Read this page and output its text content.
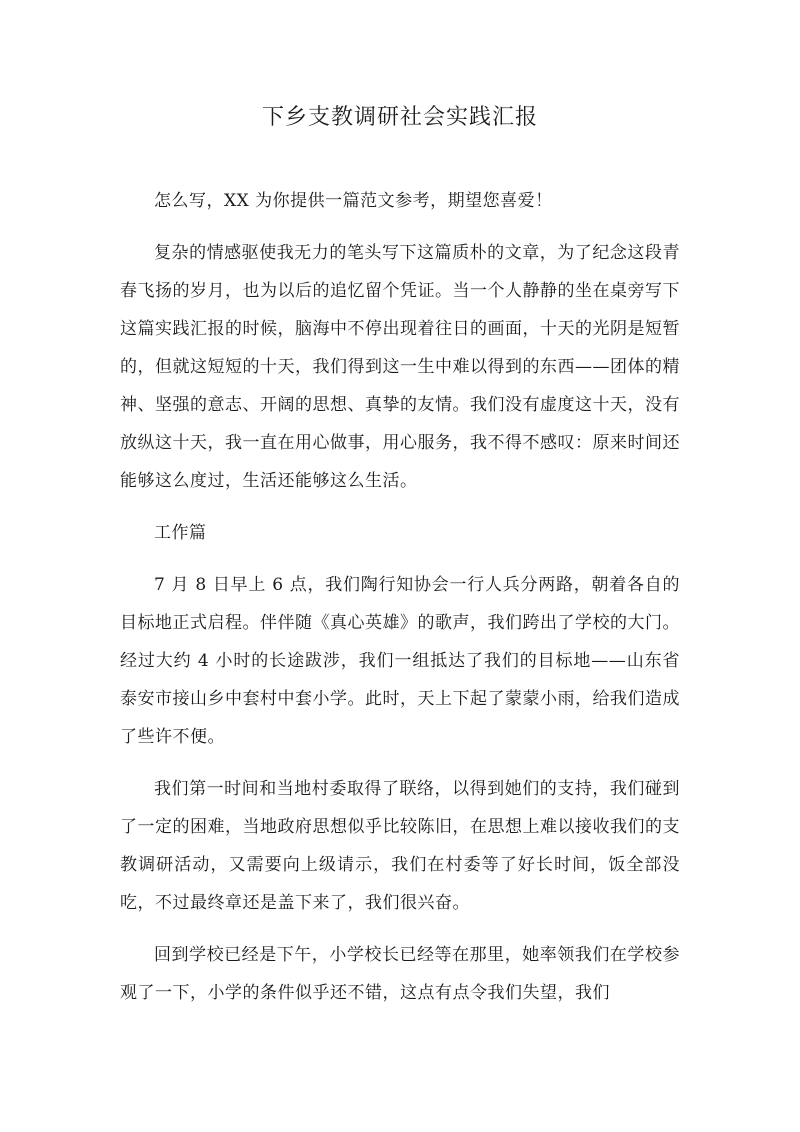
下乡支教调研社会实践汇报

怎么写，XX 为你提供一篇范文参考，期望您喜爱！

复杂的情感驱使我无力的笔头写下这篇质朴的文章，为了纪念这段青春飞扬的岁月，也为以后的追忆留个凭证。当一个人静静的坐在桌旁写下这篇实践汇报的时候，脑海中不停出现着往日的画面，十天的光阴是短暂的，但就这短短的十天，我们得到这一生中难以得到的东西——团体的精神、坚强的意志、开阔的思想、真挚的友情。我们没有虚度这十天，没有放纵这十天，我一直在用心做事，用心服务，我不得不感叹：原来时间还能够这么度过，生活还能够这么生活。

工作篇

7 月 8 日早上 6 点，我们陶行知协会一行人兵分两路，朝着各自的目标地正式启程。伴伴随《真心英雄》的歌声，我们跨出了学校的大门。经过大约 4 小时的长途跋涉，我们一组抵达了我们的目标地——山东省泰安市接山乡中套村中套小学。此时，天上下起了蒙蒙小雨，给我们造成了些许不便。

我们第一时间和当地村委取得了联络，以得到她们的支持，我们碰到了一定的困难，当地政府思想似乎比较陈旧，在思想上难以接收我们的支教调研活动，又需要向上级请示，我们在村委等了好长时间，饭全部没吃，不过最终章还是盖下来了，我们很兴奋。

回到学校已经是下午，小学校长已经等在那里，她率领我们在学校参观了一下，小学的条件似乎还不错，这点有点令我们失望，我们
